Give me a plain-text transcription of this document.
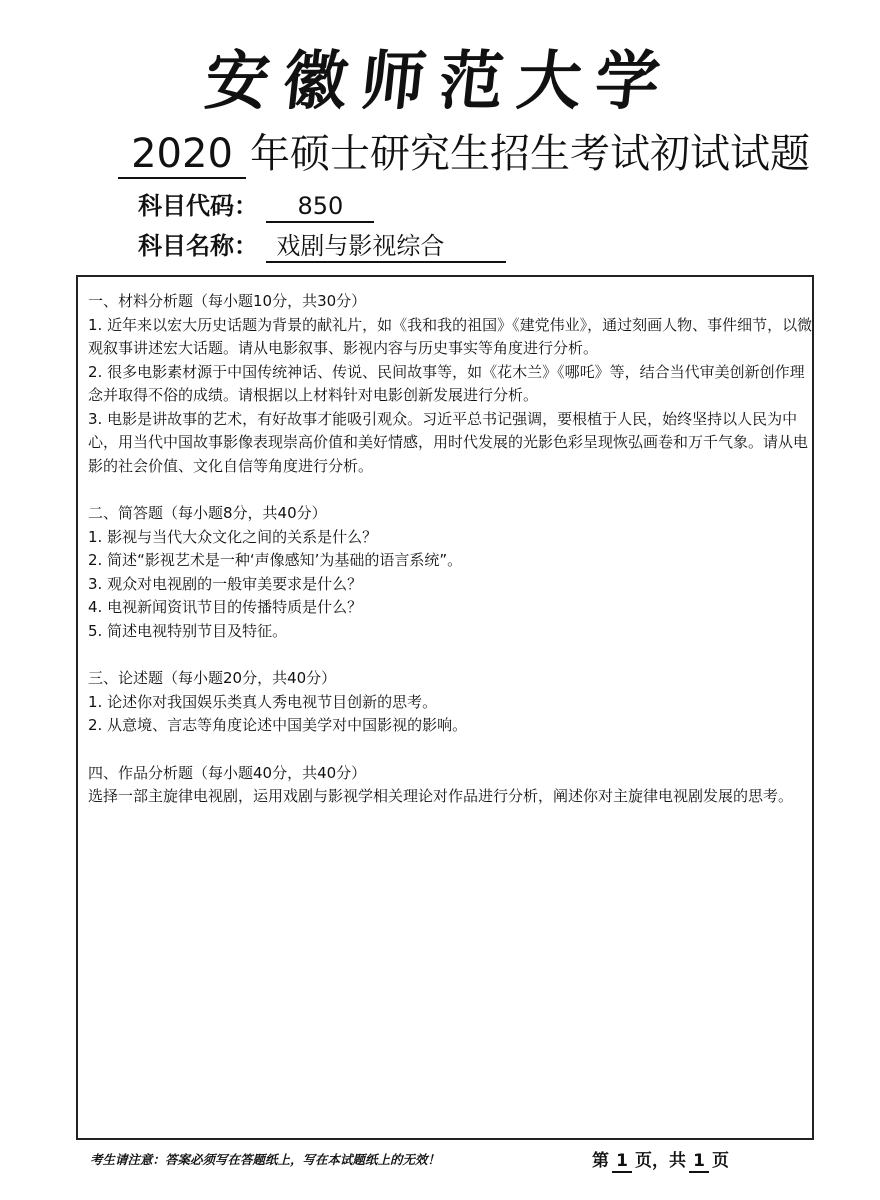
安徽师范大学
2020 年硕士研究生招生考试初试试题
科目代码： 850
科目名称： 戏剧与影视综合
一、材料分析题（每小题10分，共30分）

1. 近年来以宏大历史话题为背景的献礼片，如《我和我的祖国》《建党伟业》，通过刻画人物、事件细节，以微观叙事讲述宏大话题。请从电影叙事、影视内容与历史事实等角度进行分析。

2. 很多电影素材源于中国传统神话、传说、民间故事等，如《花木兰》《哪吒》等，结合当代审美创新创作理念并取得不俗的成绩。请根据以上材料针对电影创新发展进行分析。

3. 电影是讲故事的艺术，有好故事才能吸引观众。习近平总书记强调，要根植于人民，始终坚持以人民为中心，用当代中国故事影像表现崇高价值和美好情感，用时代发展的光影色彩呈现恢弘画卷和万千气象。请从电影的社会价值、文化自信等角度进行分析。

二、简答题（每小题8分，共40分）

1. 影视与当代大众文化之间的关系是什么？

2. 简述“影视艺术是一种‘声像感知’为基础的语言系统”。

3. 观众对电视剧的一般审美要求是什么？

4. 电视新闻资讯节目的传播特质是什么？

5. 简述电视特别节目及特征。

三、论述题（每小题20分，共40分）

1. 论述你对我国娱乐类真人秀电视节目创新的思考。

2. 从意境、言志等角度论述中国美学对中国影视的影响。

四、作品分析题（每小题40分，共40分）

选择一部主旋律电视剧，运用戏剧与影视学相关理论对作品进行分析，阐述你对主旋律电视剧发展的思考。

考生请注意：答案必须写在答题纸上，写在本试题纸上的无效！	第 1 页，共 1 页
